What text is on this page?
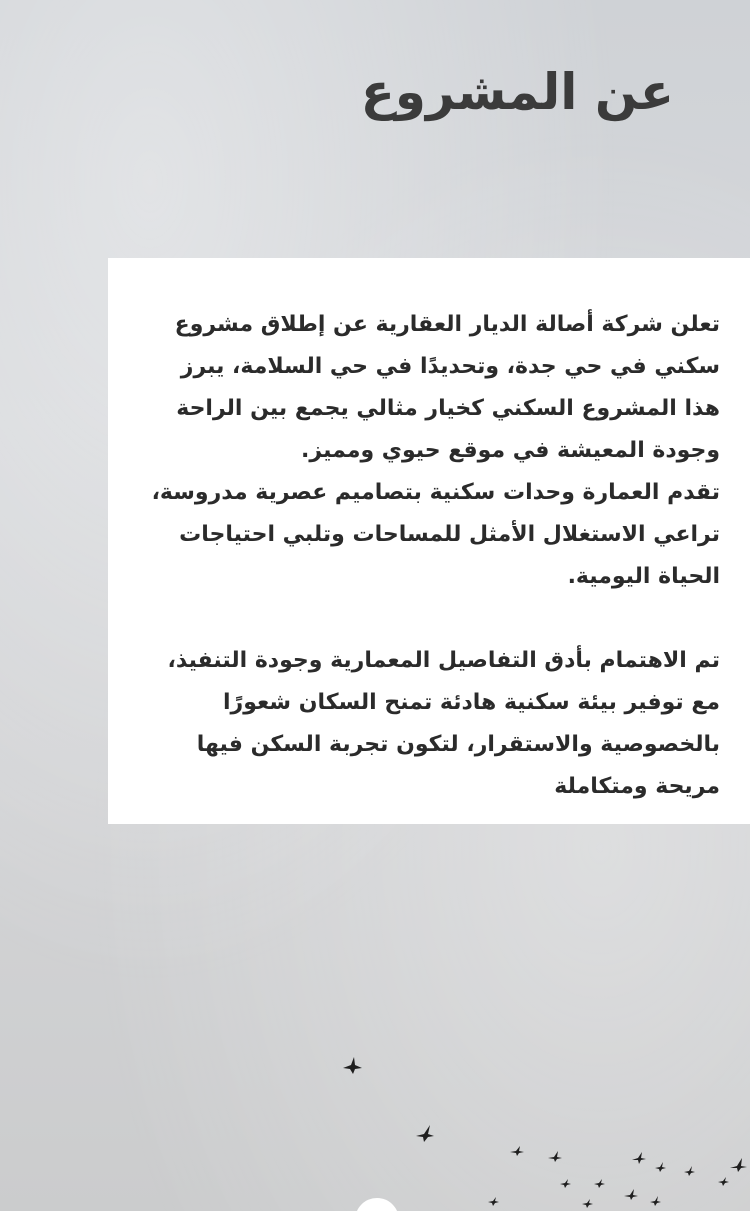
عن المشروع

تعلن شركة أصالة الديار العقارية عن إطلاق مشروع سكني في حي جدة، وتحديدًا في حي السلامة، يبرز هذا المشروع السكني كخيار مثالي يجمع بين الراحة وجودة المعيشة في موقع حيوي ومميز.

تقدم العمارة وحدات سكنية بتصاميم عصرية مدروسة، تراعي الاستغلال الأمثل للمساحات وتلبي احتياجات الحياة اليومية.

تم الاهتمام بأدق التفاصيل المعمارية وجودة التنفيذ، مع توفير بيئة سكنية هادئة تمنح السكان شعورًا بالخصوصية والاستقرار، لتكون تجربة السكن فيها مريحة ومتكاملة
